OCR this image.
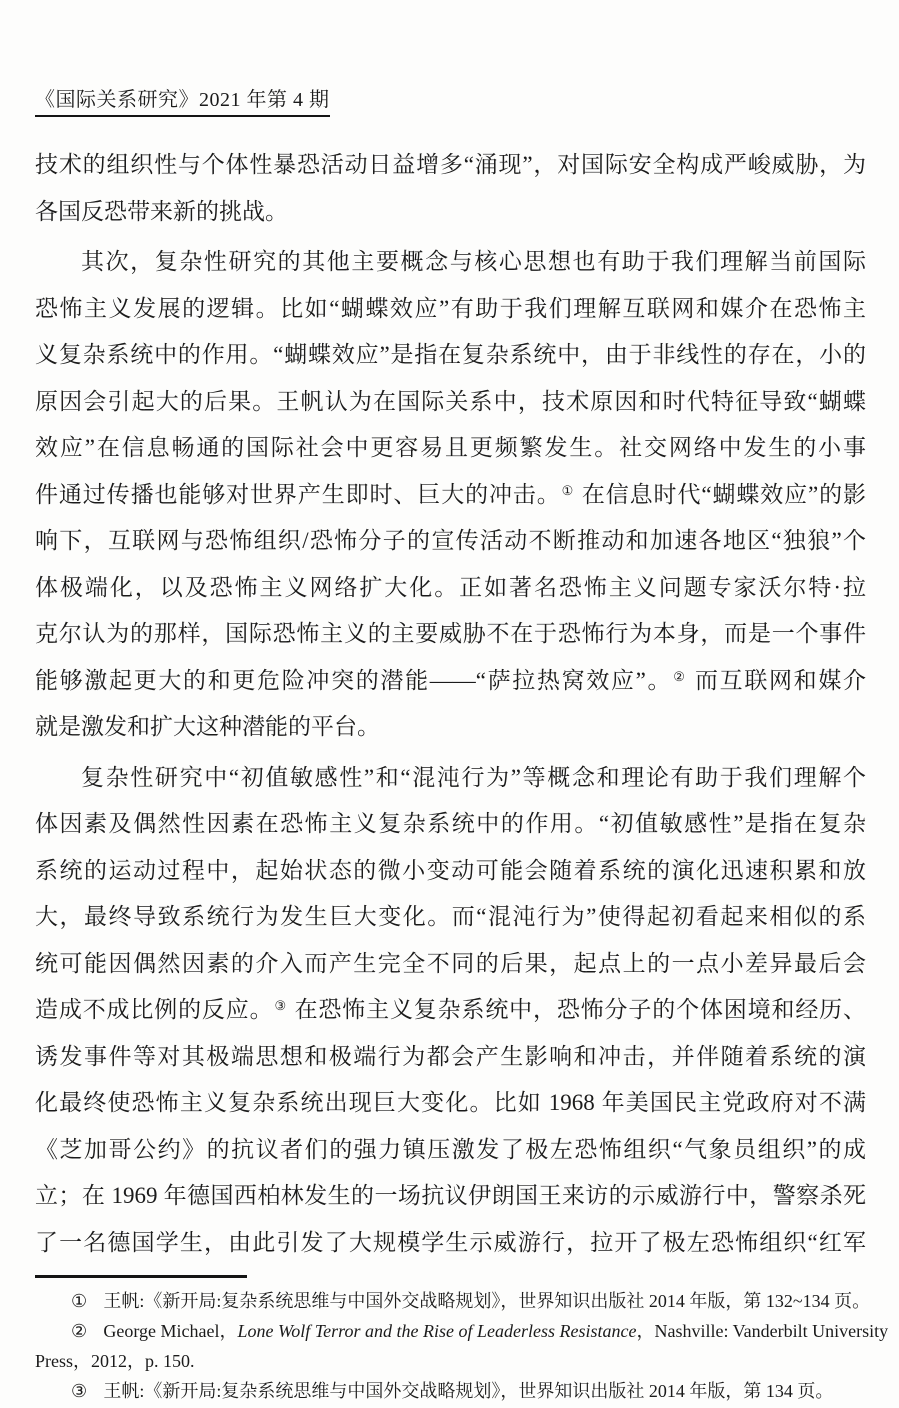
《国际关系研究》2021 年第 4 期
技术的组织性与个体性暴恐活动日益增多“涌现”，对国际安全构成严峻威胁，为
各国反恐带来新的挑战。
其次，复杂性研究的其他主要概念与核心思想也有助于我们理解当前国际
恐怖主义发展的逻辑。比如“蝴蝶效应”有助于我们理解互联网和媒介在恐怖主
义复杂系统中的作用。“蝴蝶效应”是指在复杂系统中，由于非线性的存在，小的
原因会引起大的后果。王帆认为在国际关系中，技术原因和时代特征导致“蝴蝶
效应”在信息畅通的国际社会中更容易且更频繁发生。社交网络中发生的小事
件通过传播也能够对世界产生即时、巨大的冲击。① 在信息时代“蝴蝶效应”的影
响下，互联网与恐怖组织/恐怖分子的宣传活动不断推动和加速各地区“独狼”个
体极端化，以及恐怖主义网络扩大化。正如著名恐怖主义问题专家沃尔特·拉
克尔认为的那样，国际恐怖主义的主要威胁不在于恐怖行为本身，而是一个事件
能够激起更大的和更危险冲突的潜能——“萨拉热窝效应”。② 而互联网和媒介
就是激发和扩大这种潜能的平台。
复杂性研究中“初值敏感性”和“混沌行为”等概念和理论有助于我们理解个
体因素及偶然性因素在恐怖主义复杂系统中的作用。“初值敏感性”是指在复杂
系统的运动过程中，起始状态的微小变动可能会随着系统的演化迅速积累和放
大，最终导致系统行为发生巨大变化。而“混沌行为”使得起初看起来相似的系
统可能因偶然因素的介入而产生完全不同的后果，起点上的一点小差异最后会
造成不成比例的反应。③ 在恐怖主义复杂系统中，恐怖分子的个体困境和经历、
诱发事件等对其极端思想和极端行为都会产生影响和冲击，并伴随着系统的演
化最终使恐怖主义复杂系统出现巨大变化。比如 1968 年美国民主党政府对不满
《芝加哥公约》的抗议者们的强力镇压激发了极左恐怖组织“气象员组织”的成
立；在 1969 年德国西柏林发生的一场抗议伊朗国王来访的示威游行中，警察杀死
了一名德国学生，由此引发了大规模学生示威游行，拉开了极左恐怖组织“红军
① 王帆:《新开局:复杂系统思维与中国外交战略规划》，世界知识出版社 2014 年版，第 132~134 页。
② George Michael，Lone Wolf Terror and the Rise of Leaderless Resistance，Nashville: Vanderbilt University
Press，2012，p. 150.
③ 王帆:《新开局:复杂系统思维与中国外交战略规划》，世界知识出版社 2014 年版，第 134 页。
